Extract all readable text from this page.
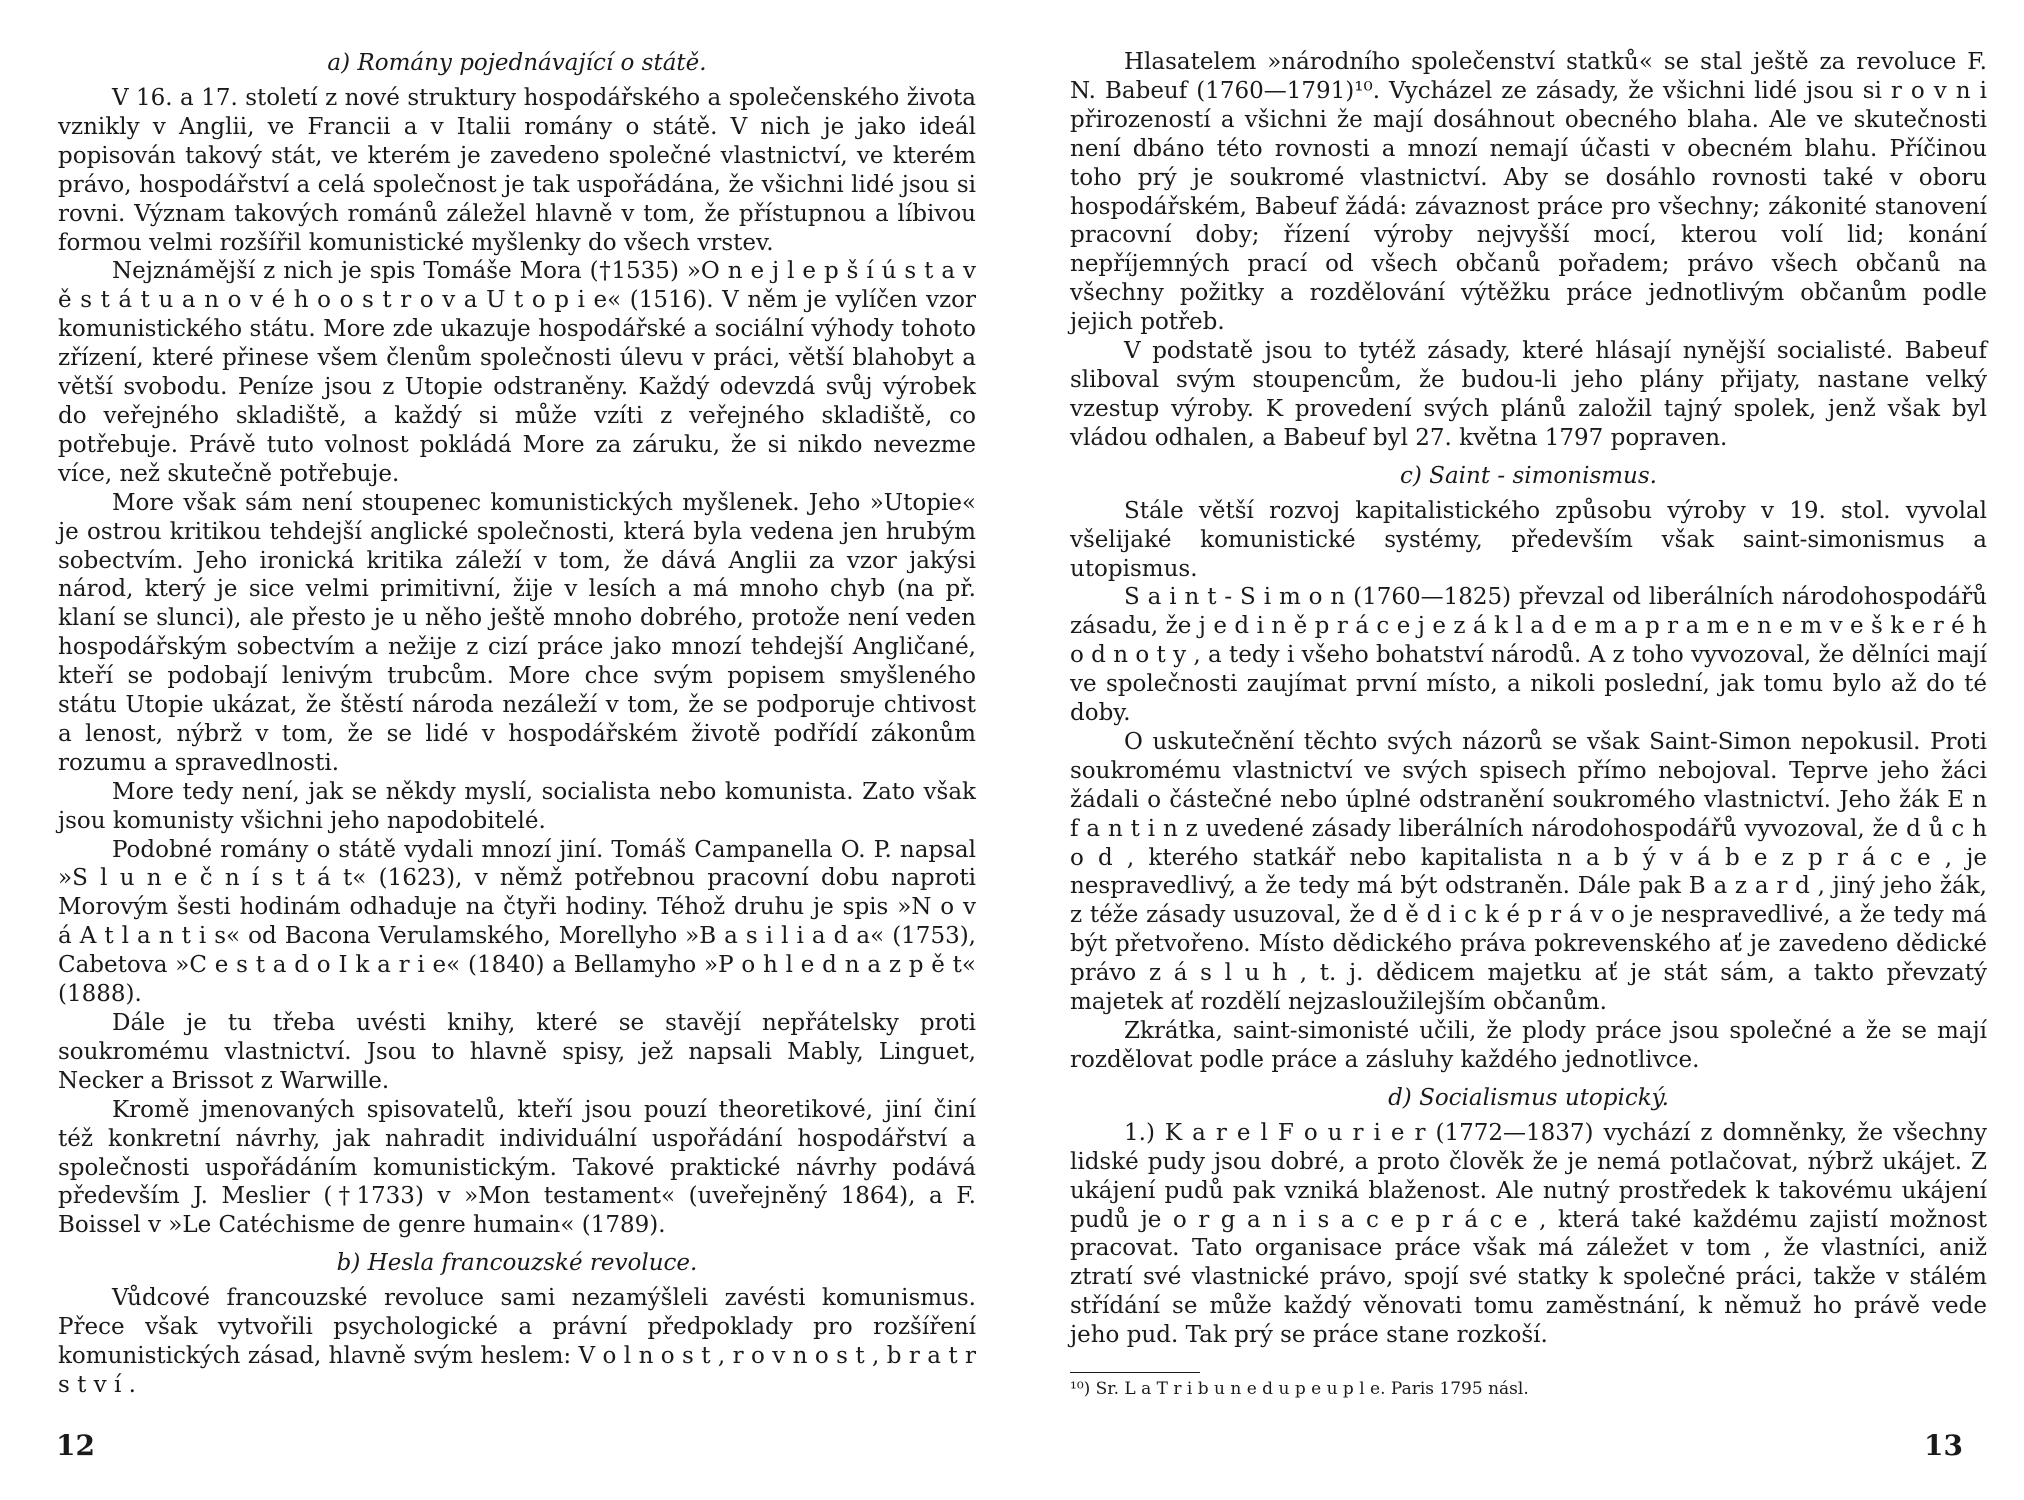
a) Romány pojednávající o státě.

V 16. a 17. století z nové struktury hospodářského a společenského života vznikly v Anglii, ve Francii a v Italii romány o státě. V nich je jako ideál popisován takový stát, ve kterém je zavedeno společné vlastnictví, ve kterém právo, hospodářství a celá společnost je tak uspořádána, že všichni lidé jsou si rovni. Význam takových románů záležel hlavně v tom, že přístupnou a líbivou formou velmi rozšířil komunistické myšlenky do všech vrstev.

Nejznámější z nich je spis Tomáše Mora (†1535) »O n e j l e p š í ú s t a v ě s t á t u a n o v é h o o s t r o v a U t o p i e« (1516). V něm je vylíčen vzor komunistického státu. More zde ukazuje hospodářské a sociální výhody tohoto zřízení, které přinese všem členům společnosti úlevu v práci, větší blahobyt a větší svobodu. Peníze jsou z Utopie odstraněny. Každý odevzdá svůj výrobek do veřejného skladiště, a každý si může vzíti z veřejného skladiště, co potřebuje. Právě tuto volnost pokládá More za záruku, že si nikdo nevezme více, než skutečně potřebuje.

More však sám není stoupenec komunistických myšlenek. Jeho »Utopie« je ostrou kritikou tehdejší anglické společnosti, která byla vedena jen hrubým sobectvím. Jeho ironická kritika záleží v tom, že dává Anglii za vzor jakýsi národ, který je sice velmi primitivní, žije v lesích a má mnoho chyb (na př. klaní se slunci), ale přesto je u něho ještě mnoho dobrého, protože není veden hospodářským sobectvím a nežije z cizí práce jako mnozí tehdejší Angličané, kteří se podobají lenivým trubcům. More chce svým popisem smyšleného státu Utopie ukázat, že štěstí národa nezáleží v tom, že se podporuje chtivost a lenost, nýbrž v tom, že se lidé v hospodářském životě podřídí zákonům rozumu a spravedlnosti.

More tedy není, jak se někdy myslí, socialista nebo komunista. Zato však jsou komunisty všichni jeho napodobitelé.

Podobné romány o státě vydali mnozí jiní. Tomáš Campanella O. P. napsal »S l u n e č n í s t á t« (1623), v němž potřebnou pracovní dobu naproti Morovým šesti hodinám odhaduje na čtyři hodiny. Téhož druhu je spis »N o v á A t l a n t i s« od Bacona Verulamského, Morellyho »B a s i l i a d a« (1753), Cabetova »C e s t a d o I k a r i e« (1840) a Bellamyho »P o h l e d n a z p ě t« (1888).

Dále je tu třeba uvésti knihy, které se stavějí nepřátelsky proti soukromému vlastnictví. Jsou to hlavně spisy, jež napsali Mably, Linguet, Necker a Brissot z Warwille.

Kromě jmenovaných spisovatelů, kteří jsou pouzí theoretikové, jiní činí též konkretní návrhy, jak nahradit individuální uspořádání hospodářství a společnosti uspořádáním komunistickým. Takové praktické návrhy podává především J. Meslier (†1733) v »Mon testament« (uveřejněný 1864), a F. Boissel v »Le Catéchisme de genre humain« (1789).

b) Hesla francouzské revoluce.

Vůdcové francouzské revoluce sami nezamýšleli zavésti komunismus. Přece však vytvořili psychologické a právní předpoklady pro rozšíření komunistických zásad, hlavně svým heslem: V o l n o s t , r o v n o s t , b r a t r s t v í .

12

Hlasatelem »národního společenství statků« se stal ještě za revoluce F. N. Babeuf (1760—1791)¹⁰. Vycházel ze zásady, že všichni lidé jsou si r o v n i přirozeností a všichni že mají dosáhnout obecného blaha. Ale ve skutečnosti není dbáno této rovnosti a mnozí nemají účasti v obecném blahu. Příčinou toho prý je soukromé vlastnictví. Aby se dosáhlo rovnosti také v oboru hospodářském, Babeuf žádá: závaznost práce pro všechny; zákonité stanovení pracovní doby; řízení výroby nejvyšší mocí, kterou volí lid; konání nepříjemných prací od všech občanů pořadem; právo všech občanů na všechny požitky a rozdělování výtěžku práce jednotlivým občanům podle jejich potřeb.

V podstatě jsou to tytéž zásady, které hlásají nynější socialisté. Babeuf sliboval svým stoupencům, že budou-li jeho plány přijaty, nastane velký vzestup výroby. K provedení svých plánů založil tajný spolek, jenž však byl vládou odhalen, a Babeuf byl 27. května 1797 popraven.

c) Saint - simonismus.

Stále větší rozvoj kapitalistického způsobu výroby v 19. stol. vyvolal všelijaké komunistické systémy, především však saint-simonismus a utopismus.

S a i n t - S i m o n (1760—1825) převzal od liberálních národohospodářů zásadu, že j e d i n ě p r á c e j e z á k l a d e m a p r a m e n e m v e š k e r é h o d n o t y , a tedy i všeho bohatství národů. A z toho vyvozoval, že dělníci mají ve společnosti zaujímat první místo, a nikoli poslední, jak tomu bylo až do té doby.

O uskutečnění těchto svých názorů se však Saint-Simon nepokusil. Proti soukromému vlastnictví ve svých spisech přímo nebojoval. Teprve jeho žáci žádali o částečné nebo úplné odstranění soukromého vlastnictví. Jeho žák E n f a n t i n z uvedené zásady liberálních národohospodářů vyvozoval, že d ů c h o d , kterého statkář nebo kapitalista n a b ý v á b e z p r á c e , je nespravedlivý, a že tedy má být odstraněn. Dále pak B a z a r d , jiný jeho žák, z téže zásady usuzoval, že d ě d i c k é p r á v o je nespravedlivé, a že tedy má být přetvořeno. Místo dědického práva pokrevenského ať je zavedeno dědické právo z á s l u h , t. j. dědicem majetku ať je stát sám, a takto převzatý majetek ať rozdělí nejzasloužilejším občanům.

Zkrátka, saint-simonisté učili, že plody práce jsou společné a že se mají rozdělovat podle práce a zásluhy každého jednotlivce.

d) Socialismus utopický.

1.) K a r e l F o u r i e r (1772—1837) vychází z domněnky, že všechny lidské pudy jsou dobré, a proto člověk že je nemá potlačovat, nýbrž ukájet. Z ukájení pudů pak vzniká blaženost. Ale nutný prostředek k takovému ukájení pudů je o r g a n i s a c e p r á c e , která také každému zajistí možnost pracovat. Tato organisace práce však má záležet v tom , že vlastníci, aniž ztratí své vlastnické právo, spojí své statky k společné práci, takže v stálém střídání se může každý věnovati tomu zaměstnání, k němuž ho právě vede jeho pud. Tak prý se práce stane rozkoší.

¹⁰) Sr. L a T r i b u n e d u p e u p l e. Paris 1795 násl.

13
